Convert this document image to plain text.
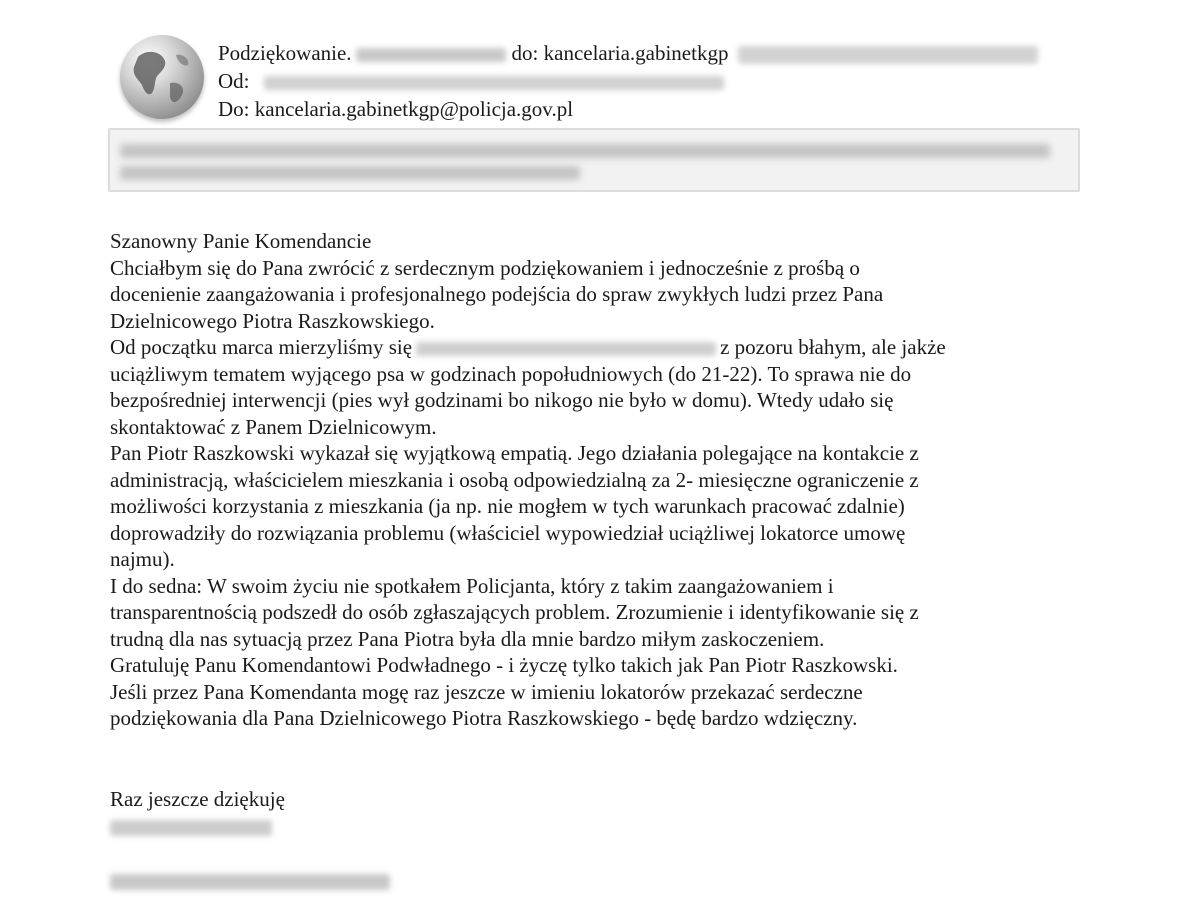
Podziękowanie.	do: kancelaria.gabinetkgp
Od:
Do: kancelaria.gabinetkgp@policja.gov.pl

Szanowny Panie Komendancie

Chciałbym się do Pana zwrócić z serdecznym podziękowaniem i jednocześnie z prośbą o

docenienie zaangażowania i profesjonalnego podejścia do spraw zwykłych ludzi przez Pana

Dzielnicowego Piotra Raszkowskiego.

Od początku marca mierzyliśmy się	z pozoru błahym, ale jakże

uciążliwym tematem wyjącego psa w godzinach popołudniowych (do 21-22). To sprawa nie do

bezpośredniej interwencji (pies wył godzinami bo nikogo nie było w domu). Wtedy udało się

skontaktować z Panem Dzielnicowym.

Pan Piotr Raszkowski wykazał się wyjątkową empatią. Jego działania polegające na kontakcie z

administracją, właścicielem mieszkania i osobą odpowiedzialną za 2- miesięczne ograniczenie z

możliwości korzystania z mieszkania (ja np. nie mogłem w tych warunkach pracować zdalnie)

doprowadziły do rozwiązania problemu (właściciel wypowiedział uciążliwej lokatorce umowę

najmu).

I do sedna: W swoim życiu nie spotkałem Policjanta, który z takim zaangażowaniem i

transparentnością podszedł do osób zgłaszających problem. Zrozumienie i identyfikowanie się z

trudną dla nas sytuacją przez Pana Piotra była dla mnie bardzo miłym zaskoczeniem.

Gratuluję Panu Komendantowi Podwładnego - i życzę tylko takich jak Pan Piotr Raszkowski.

Jeśli przez Pana Komendanta mogę raz jeszcze w imieniu lokatorów przekazać serdeczne

podziękowania dla Pana Dzielnicowego Piotra Raszkowskiego - będę bardzo wdzięczny.

Raz jeszcze dziękuję
